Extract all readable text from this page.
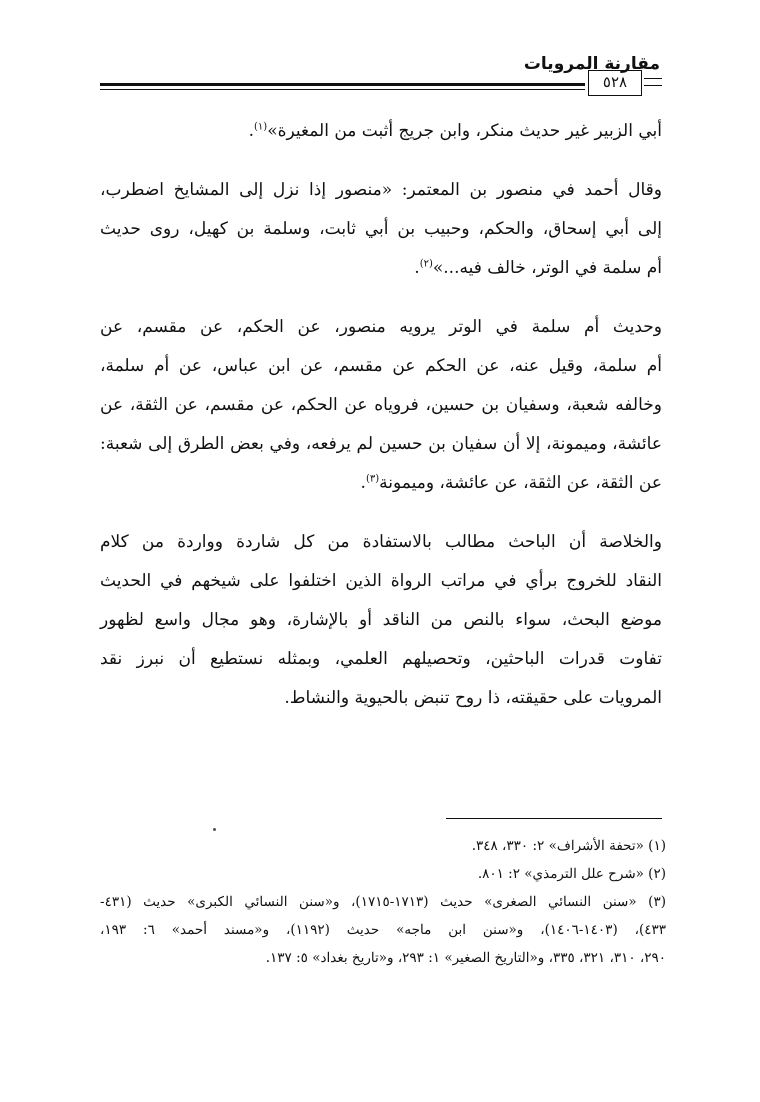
مقارنة المرويات
٥٢٨

أبي الزبير غير حديث منكر، وابن جريج أثبت من المغيرة»$^{(١)}$.

وقال أحمد في منصور بن المعتمر: «منصور إذا نزل إلى المشايخ اضطرب،
إلى أبي إسحاق، والحكم، وحبيب بن أبي ثابت، وسلمة بن كهيل، روى حديث
أم سلمة في الوتر، خالف فيه...»$^{(٢)}$.

وحديث أم سلمة في الوتر يرويه منصور، عن الحكم، عن مقسم، عن
أم سلمة، وقيل عنه، عن الحكم عن مقسم، عن ابن عباس، عن أم سلمة،
وخالفه شعبة، وسفيان بن حسين، فروياه عن الحكم، عن مقسم، عن الثقة، عن
عائشة، وميمونة، إلا أن سفيان بن حسين لم يرفعه، وفي بعض الطرق إلى شعبة:
عن الثقة، عن الثقة، عن عائشة، وميمونة$^{(٣)}$.

والخلاصة أن الباحث مطالب بالاستفادة من كل شاردة وواردة من كلام
النقاد للخروج برأي في مراتب الرواة الذين اختلفوا على شيخهم في الحديث
موضع البحث، سواء بالنص من الناقد أو بالإشارة، وهو مجال واسع لظهور
تفاوت قدرات الباحثين، وتحصيلهم العلمي، وبمثله نستطيع أن نبرز نقد
المرويات على حقيقته، ذا روح تنبض بالحيوية والنشاط.

(١) «تحفة الأشراف» ٢: ٣٣٠، ٣٤٨.
(٢) «شرح علل الترمذي» ٢: ٨٠١.
(٣) «سنن النسائي الصغرى» حديث (١٧١٣-١٧١٥)، و«سنن النسائي الكبرى» حديث (٤٣١-
٤٣٣)، (١٤٠٣-١٤٠٦)، و«سنن ابن ماجه» حديث (١١٩٢)، و«مسند أحمد» ٦: ١٩٣،
٢٩٠، ٣١٠، ٣٢١، ٣٣٥، و«التاريخ الصغير» ١: ٢٩٣، و«تاريخ بغداد» ٥: ١٣٧.
